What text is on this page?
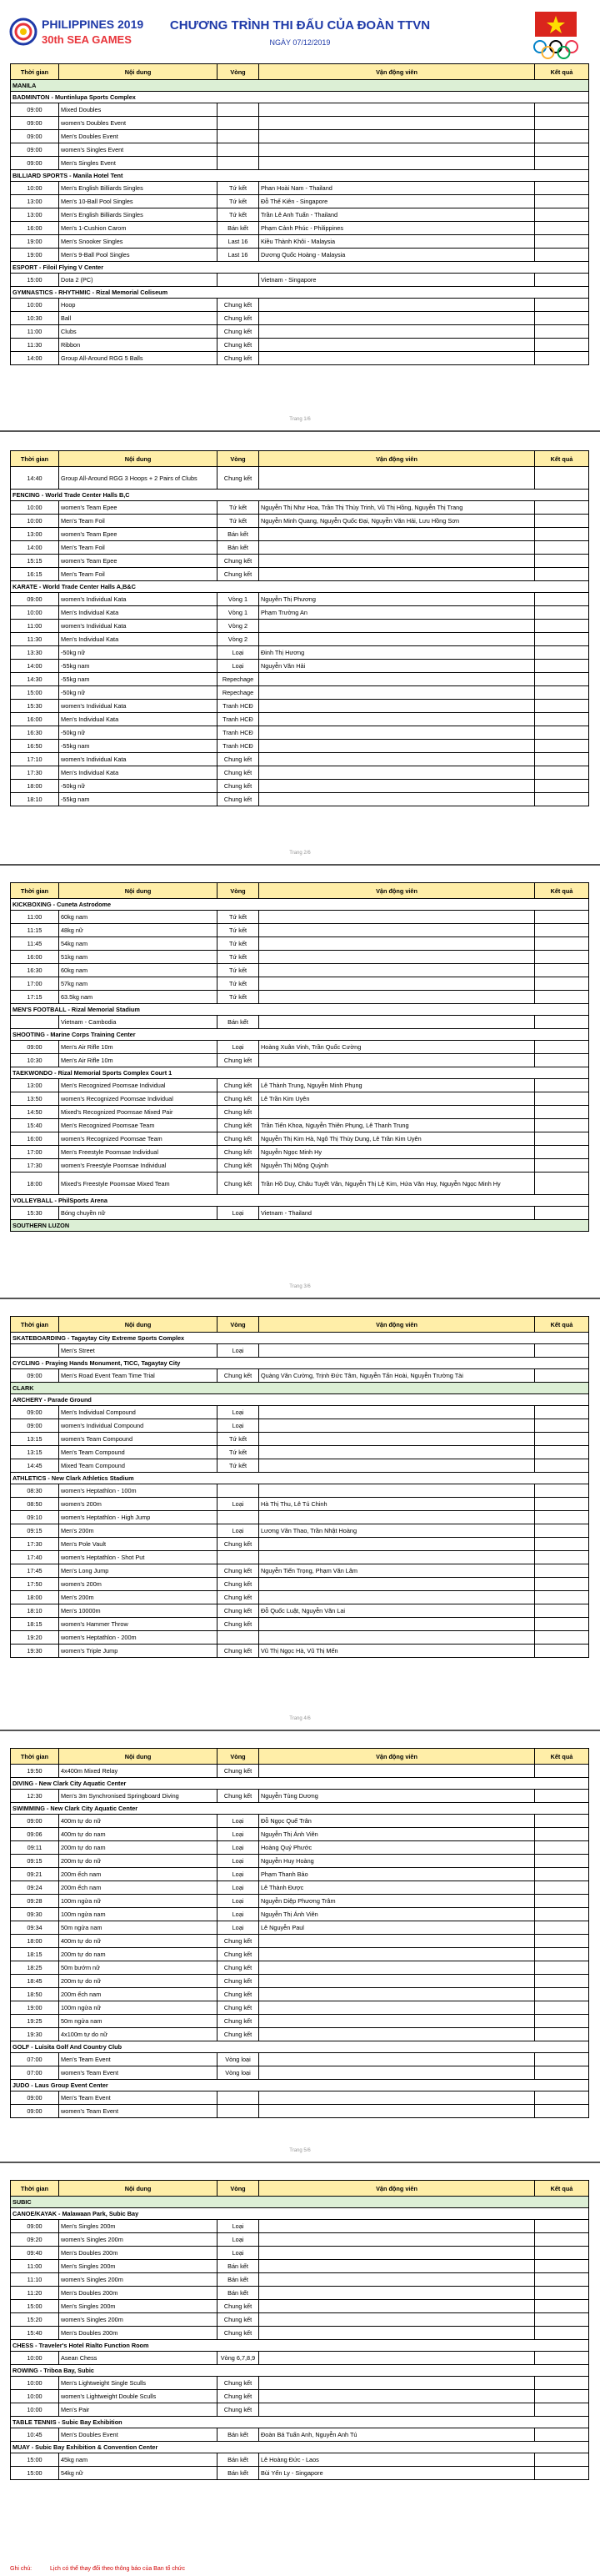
PHILIPPINES 2019
30th SEA GAMES
CHƯƠNG TRÌNH THI ĐẤU CỦA ĐOÀN TTVN
NGÀY 07/12/2019
Thời gian	Nội dung	Vòng	Vận động viên	Kết quả
MANILA				
BADMINTON - Muntinlupa Sports Complex				
09:00	Mixed Doubles			
09:00	women's Doubles Event			
09:00	Men's Doubles Event			
09:00	women's Singles Event			
09:00	Men's Singles Event			
BILLIARD SPORTS - Manila Hotel Tent				
10:00	Men's English Billiards Singles	Tứ kết	Phan Hoài Nam - Thailand	
13:00	Men's 10-Ball Pool Singles	Tứ kết	Đỗ Thế Kiên - Singapore	
13:00	Men's English Billiards Singles	Tứ kết	Trần Lê Anh Tuấn - Thailand	
16:00	Men's 1-Cushion Carom	Bán kết	Phạm Cảnh Phúc - Philippines	
19:00	Men's Snooker Singles	Last 16	Kiều Thành Khôi - Malaysia	
19:00	Men's 9-Ball Pool Singles	Last 16	Dương Quốc Hoàng - Malaysia	
ESPORT - Filoil Flying V Center				
15:00	Dota 2 (PC)		Vietnam - Singapore	
GYMNASTICS - RHYTHMIC - Rizal Memorial Coliseum				
10:00	Hoop	Chung kết		
10:30	Ball	Chung kết		
11:00	Clubs	Chung kết		
11:30	Ribbon	Chung kết		
14:00	Group All-Around RGG 5 Balls	Chung kết		
Trang 1/6
Thời gian	Nội dung	Vòng	Vận động viên	Kết quả
14:40	Group All-Around RGG 3 Hoops + 2 Pairs of Clubs	Chung kết		
FENCING - World Trade Center Halls B,C				
10:00	women's Team Epee	Tứ kết	Nguyễn Thị Như Hoa, Trần Thị Thùy Trinh, Vũ Thị Hồng, Nguyễn Thị Trang	
10:00	Men's Team Foil	Tứ kết	Nguyễn Minh Quang, Nguyễn Quốc Đại, Nguyễn Văn Hải, Lưu Hồng Sơn	
13:00	women's Team Epee	Bán kết		
14:00	Men's Team Foil	Bán kết		
15:15	women's Team Epee	Chung kết		
16:15	Men's Team Foil	Chung kết		
KARATE - World Trade Center Halls A,B&C				
09:00	women's Individual Kata	Vòng 1	Nguyễn Thị Phương	
10:00	Men's Individual Kata	Vòng 1	Phạm Trường An	
11:00	women's Individual Kata	Vòng 2		
11:30	Men's Individual Kata	Vòng 2		
13:30	-50kg nữ	Loại	Đinh Thị Hương	
14:00	-55kg nam	Loại	Nguyễn Văn Hải	
14:30	-55kg nam	Repechage		
15:00	-50kg nữ	Repechage		
15:30	women's Individual Kata	Tranh HCĐ		
16:00	Men's Individual Kata	Tranh HCĐ		
16:30	-50kg nữ	Tranh HCĐ		
16:50	-55kg nam	Tranh HCĐ		
17:10	women's Individual Kata	Chung kết		
17:30	Men's Individual Kata	Chung kết		
18:00	-50kg nữ	Chung kết		
18:10	-55kg nam	Chung kết		
Trang 2/6
Thời gian	Nội dung	Vòng	Vận động viên	Kết quả
KICKBOXING - Cuneta Astrodome				
11:00	60kg nam	Tứ kết		
11:15	48kg nữ	Tứ kết		
11:45	54kg nam	Tứ kết		
16:00	51kg nam	Tứ kết		
16:30	60kg nam	Tứ kết		
17:00	57kg nam	Tứ kết		
17:15	63.5kg nam	Tứ kết		
MEN'S FOOTBALL - Rizal Memorial Stadium				
	Vietnam - Cambodia	Bán kết		
SHOOTING - Marine Corps Training Center				
09:00	Men's Air Rifle 10m	Loại	Hoàng Xuân Vinh, Trần Quốc Cường	
10:30	Men's Air Rifle 10m	Chung kết		
TAEKWONDO - Rizal Memorial Sports Complex Court 1				
13:00	Men's Recognized Poomsae Individual	Chung kết	Lê Thành Trung, Nguyễn Minh Phụng	
13:50	women's Recognized Poomsae Individual	Chung kết	Lê Trần Kim Uyên	
14:50	Mixed's Recognized Poomsae Mixed Pair	Chung kết		
15:40	Men's Recognized Poomsae Team	Chung kết	Trần Tiến Khoa, Nguyễn Thiên Phụng, Lê Thanh Trung	
16:00	women's Recognized Poomsae Team	Chung kết	Nguyễn Thị Kim Hà, Ngô Thị Thùy Dung, Lê Trần Kim Uyên	
17:00	Men's Freestyle Poomsae Individual	Chung kết	Nguyễn Ngọc Minh Hy	
17:30	women's Freestyle Poomsae Individual	Chung kết	Nguyễn Thị Mộng Quỳnh	
18:00	Mixed's Freestyle Poomsae Mixed Team	Chung kết	Trần Hồ Duy, Châu Tuyết Vân, Nguyễn Thị Lệ Kim, Hứa Văn Huy, Nguyễn Ngọc Minh Hy	
VOLLEYBALL - PhilSports Arena				
15:30	Bóng chuyền nữ	Loại	Vietnam - Thailand	
SOUTHERN LUZON				
Trang 3/6
Thời gian	Nội dung	Vòng	Vận động viên	Kết quả
SKATEBOARDING - Tagaytay City Extreme Sports Complex				
	Men's Street	Loại		
CYCLING - Praying Hands Monument, TICC, Tagaytay City				
09:00	Men's Road Event Team Time Trial	Chung kết	Quàng Văn Cường, Trịnh Đức Tâm, Nguyễn Tấn Hoài, Nguyễn Trường Tài	
CLARK				
ARCHERY - Parade Ground				
09:00	Men's Individual Compound	Loại		
09:00	women's Individual Compound	Loại		
13:15	women's Team Compound	Tứ kết		
13:15	Men's Team Compound	Tứ kết		
14:45	Mixed Team Compound	Tứ kết		
ATHLETICS - New Clark Athletics Stadium				
08:30	women's Heptathlon - 100m			
08:50	women's 200m	Loại	Hà Thị Thu, Lê Tú Chinh	
09:10	women's Heptathlon - High Jump			
09:15	Men's 200m	Loại	Lương Văn Thao, Trần Nhật Hoàng	
17:30	Men's Pole Vault	Chung kết		
17:40	women's Heptathlon - Shot Put			
17:45	Men's Long Jump	Chung kết	Nguyễn Tiến Trọng, Phạm Văn Lâm	
17:50	women's 200m	Chung kết		
18:00	Men's 200m	Chung kết		
18:10	Men's 10000m	Chung kết	Đỗ Quốc Luật, Nguyễn Văn Lai	
18:15	women's Hammer Throw	Chung kết		
19:20	women's Heptathlon - 200m			
19:30	women's Triple Jump	Chung kết	Vũ Thị Ngọc Hà, Vũ Thị Mến	
Trang 4/6
Thời gian	Nội dung	Vòng	Vận động viên	Kết quả
19:50	4x400m Mixed Relay	Chung kết		
DIVING - New Clark City Aquatic Center				
12:30	Men's 3m Synchronised Springboard Diving	Chung kết	Nguyễn Tùng Dương	
SWIMMING - New Clark City Aquatic Center				
09:00	400m tự do nữ	Loại	Đỗ Ngọc Quế Trân	
09:06	400m tự do nam	Loại	Nguyễn Thị Ánh Viên	
09:11	200m tự do nam	Loại	Hoàng Quý Phước	
09:15	200m tự do nữ	Loại	Nguyễn Huy Hoàng	
09:21	200m ếch nam	Loại	Phạm Thanh Bảo	
09:24	200m ếch nam	Loại	Lê Thành Được	
09:28	100m ngửa nữ	Loại	Nguyễn Diệp Phương Trâm	
09:30	100m ngửa nam	Loại	Nguyễn Thị Ánh Viên	
09:34	50m ngửa nam	Loại	Lê Nguyễn Paul	
18:00	400m tự do nữ	Chung kết		
18:15	200m tự do nam	Chung kết		
18:25	50m bướm nữ	Chung kết		
18:45	200m tự do nữ	Chung kết		
18:50	200m ếch nam	Chung kết		
19:00	100m ngửa nữ	Chung kết		
19:25	50m ngửa nam	Chung kết		
19:30	4x100m tự do nữ	Chung kết		
GOLF - Luisita Golf And Country Club				
07:00	Men's Team Event	Vòng loại		
07:00	women's Team Event	Vòng loại		
JUDO - Laus Group Event Center				
09:00	Men's Team Event			
09:00	women's Team Event			
Trang 5/6
Thời gian	Nội dung	Vòng	Vận động viên	Kết quả
SUBIC				
CANOE/KAYAK - Malawaan Park, Subic Bay				
09:00	Men's Singles 200m	Loại		
09:20	women's Singles 200m	Loại		
09:40	Men's Doubles 200m	Loại		
11:00	Men's Singles 200m	Bán kết		
11:10	women's Singles 200m	Bán kết		
11:20	Men's Doubles 200m	Bán kết		
15:00	Men's Singles 200m	Chung kết		
15:20	women's Singles 200m	Chung kết		
15:40	Men's Doubles 200m	Chung kết		
CHESS - Traveler's Hotel Rialto Function Room				
10:00	Asean Chess	Vòng 6,7,8,9		
ROWING - Triboa Bay, Subic				
10:00	Men's Lightweight Single Sculls	Chung kết		
10:00	women's Lightweight Double Sculls	Chung kết		
10:00	Men's Pair	Chung kết		
TABLE TENNIS - Subic Bay Exhibition				
10:45	Men's Doubles Event	Bán kết	Đoàn Bá Tuấn Anh, Nguyễn Anh Tú	
MUAY - Subic Bay Exhibition & Convention Center				
15:00	45kg nam	Bán kết	Lê Hoàng Đức - Laos	
15:00	54kg nữ	Bán kết	Bùi Yến Ly - Singapore	
Ghi chú:	Lịch có thể thay đổi theo thông báo của Ban tổ chức
